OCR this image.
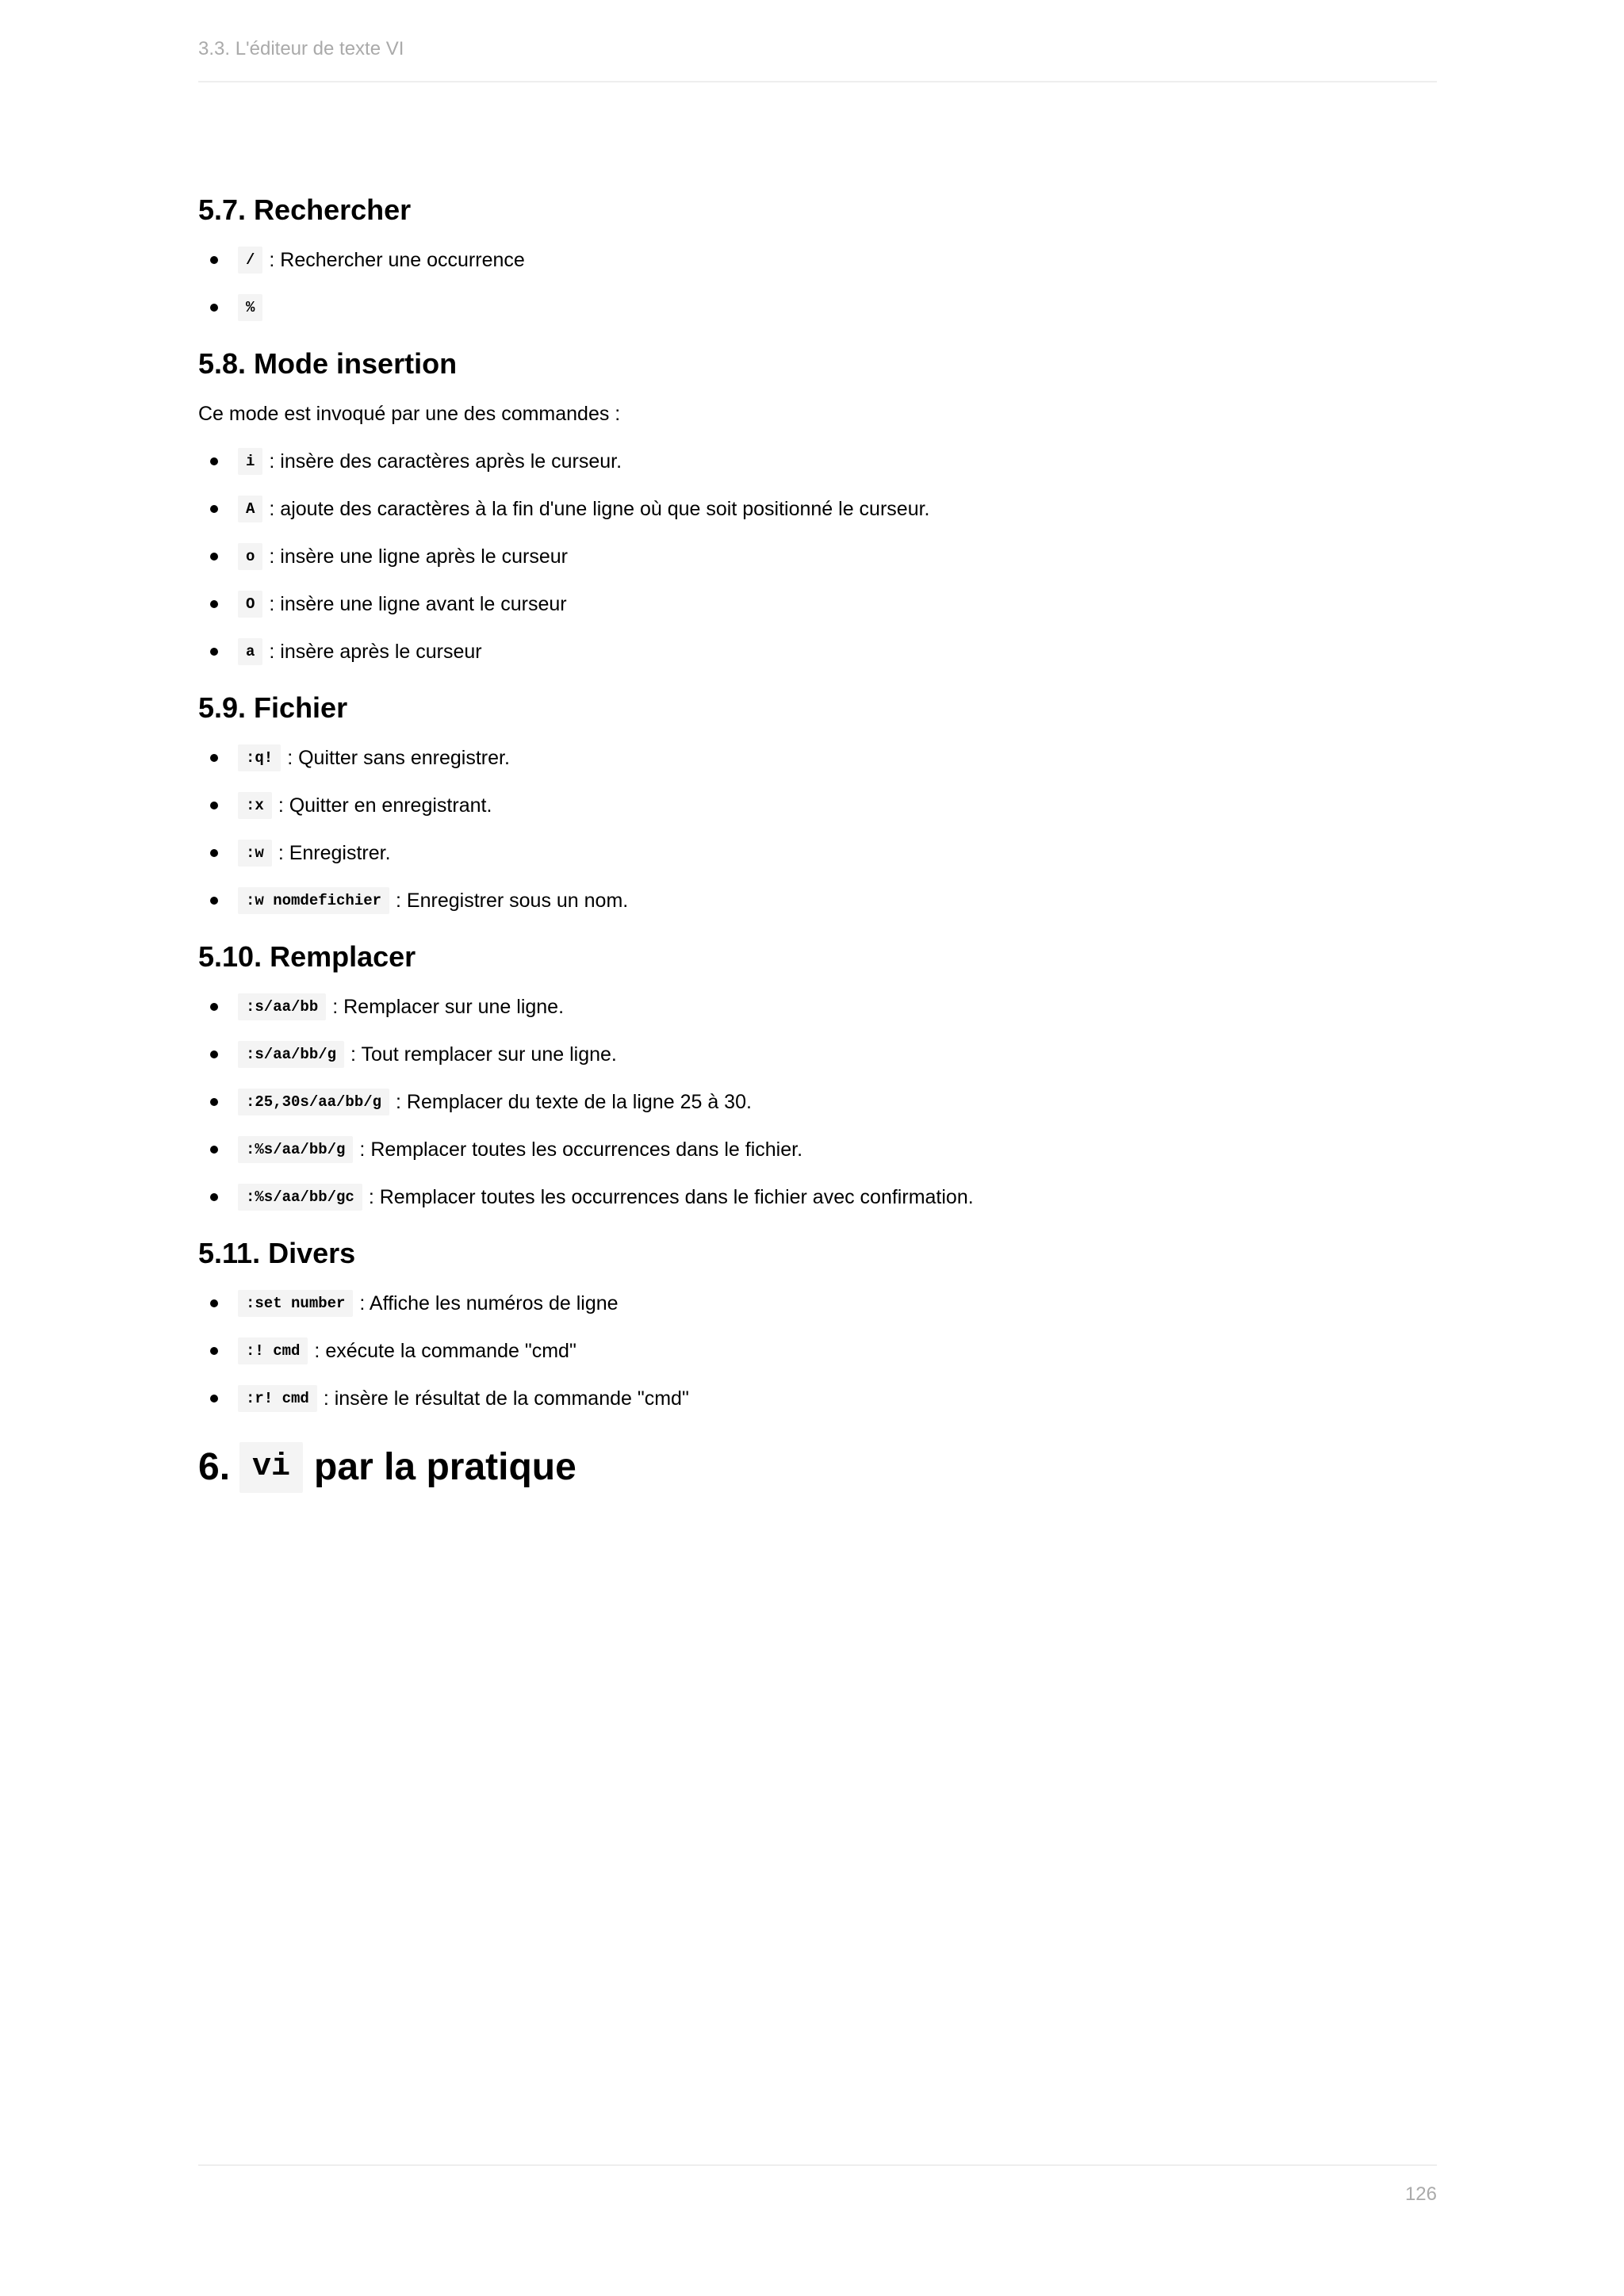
3.3. L'éditeur de texte VI
5.7. Rechercher
/ : Rechercher une occurrence
%
5.8. Mode insertion

Ce mode est invoqué par une des commandes :

i : insère des caractères après le curseur.
A : ajoute des caractères à la fin d'une ligne où que soit positionné le curseur.
o : insère une ligne après le curseur
O : insère une ligne avant le curseur
a : insère après le curseur
5.9. Fichier
:q! : Quitter sans enregistrer.
:x : Quitter en enregistrant.
:w : Enregistrer.
:w nomdefichier : Enregistrer sous un nom.
5.10. Remplacer
:s/aa/bb : Remplacer sur une ligne.
:s/aa/bb/g : Tout remplacer sur une ligne.
:25,30s/aa/bb/g : Remplacer du texte de la ligne 25 à 30.
:%s/aa/bb/g : Remplacer toutes les occurrences dans le fichier.
:%s/aa/bb/gc : Remplacer toutes les occurrences dans le fichier avec confirmation.
5.11. Divers
:set number : Affiche les numéros de ligne
:! cmd : exécute la commande "cmd"
:r! cmd : insère le résultat de la commande "cmd"
6. vi par la pratique
126
